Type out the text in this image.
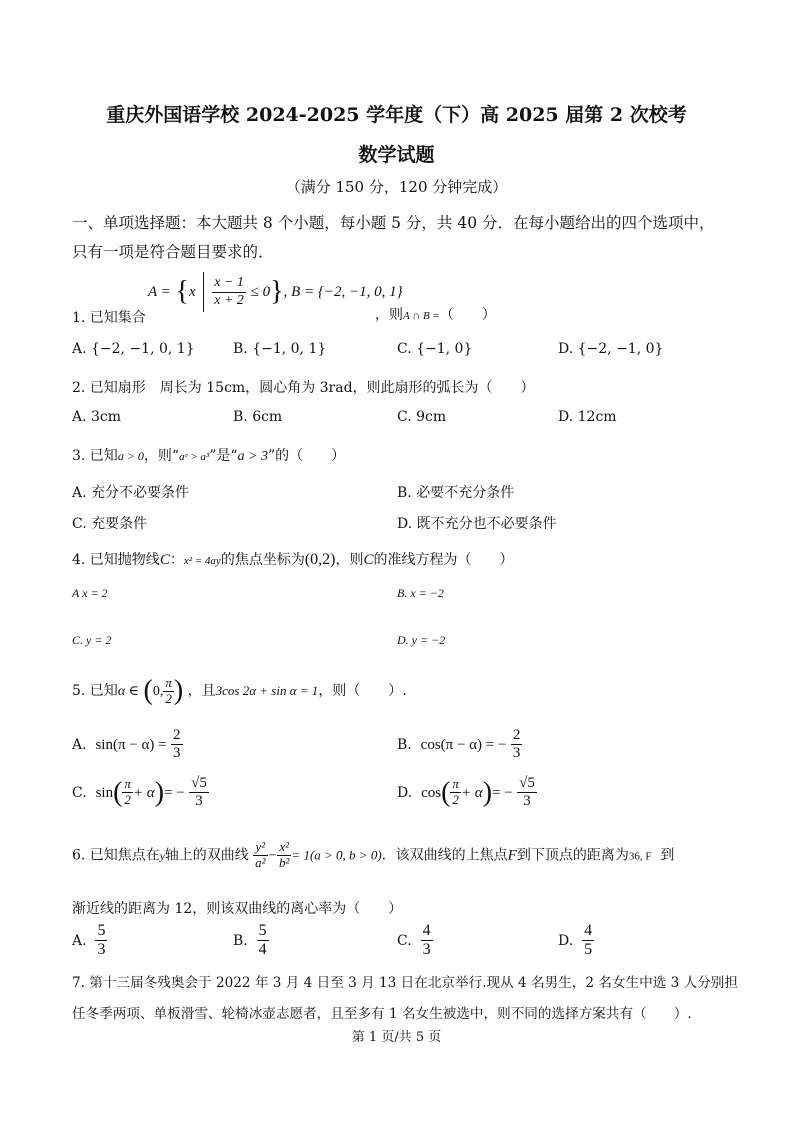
重庆外国语学校 2024-2025 学年度（下）高 2025 届第 2 次校考
数学试题
（满分 150 分，120 分钟完成）
一、单项选择题：本大题共 8 个小题，每小题 5 分，共 40 分．在每小题给出的四个选项中，
只有一项是符合题目要求的．
$A = \{x \frac{x - 1}{x + 2} \le 0\}$, B = {−2, −1, 0, 1}
1. 已知集合	，则A ∩ B =（　　）
A. {−2, −1, 0, 1}	B. {−1, 0, 1}	C. {−1, 0}	D. {−2, −1, 0}
2. 已知扇形　周长为 15cm，圆心角为 3rad，则此扇形的弧长为（　　）
A. 3cm	B. 6cm	C. 9cm	D. 12cm
3. 已知a > 0，则“aᵉ > a³”是“a > 3”的（　　）
A. 充分不必要条件	B. 必要不充分条件
C. 充要条件	D. 既不充分也不必要条件
4. 已知抛物线C：x² = 4ay的焦点坐标为(0,2)，则C的准线方程为（　　）
A x = 2	B. x = −2
C. y = 2	D. y = −2
5. 已知α ∈ (0, $\frac{\pi}{2}$ ) ，且3cos 2α + sin α = 1，则（　　）.
A. $\sin(\pi - \alpha) = \frac{2}{3}$	B. cos(π − α) = − $\frac{2}{3}$
C. $\sin( \frac{\pi}{2} + \alpha)= - \frac{√5}{3}$	D. $\cos( \frac{\pi}{2} + \alpha)= - \frac{√5}{3}$
6. 已知焦点在y轴上的双曲线 $\frac{\text{y²}}{\text{a²}} - \frac{\text{x²}}{\text{b²}} = 1(a > 0$, b > 0)．该双曲线的上焦点F到下顶点的距离为36, F 到
渐近线的距离为 12，则该双曲线的离心率为（　　）
A. $\frac{5}{3}$	B. $\frac{5}{4}$	C. $\frac{4}{3}$	D. $\frac{4}{5}$
7. 第十三届冬残奥会于 2022 年 3 月 4 日至 3 月 13 日在北京举行.现从 4 名男生，2 名女生中选 3 人分别担
任冬季两项、单板滑雪、轮椅冰壶志愿者，且至多有 1 名女生被选中，则不同的选择方案共有（　　）.
第 1 页/共 5 页
